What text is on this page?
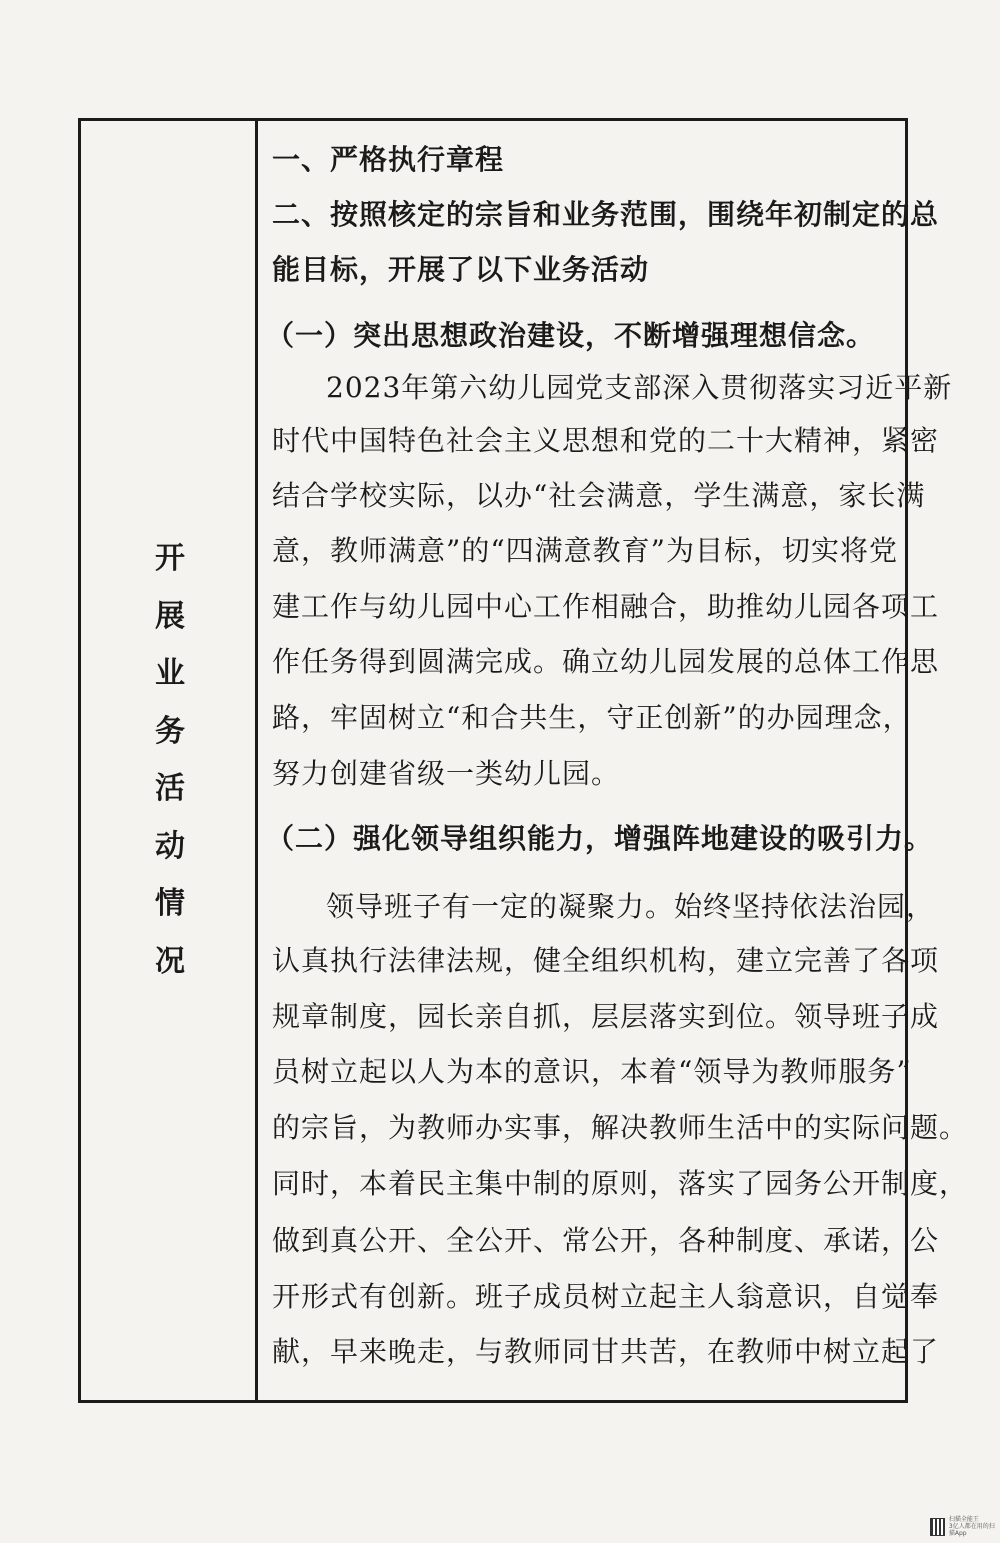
开
展
业
务
活
动
情
况
一、严格执行章程
二、按照核定的宗旨和业务范围，围绕年初制定的总
能目标，开展了以下业务活动
（一）突出思想政治建设，不断增强理想信念。
2023年第六幼儿园党支部深入贯彻落实习近平新
时代中国特色社会主义思想和党的二十大精神，紧密
结合学校实际，以办“社会满意，学生满意，家长满
意，教师满意”的“四满意教育”为目标，切实将党
建工作与幼儿园中心工作相融合，助推幼儿园各项工
作任务得到圆满完成。确立幼儿园发展的总体工作思
路，牢固树立“和合共生，守正创新”的办园理念，
努力创建省级一类幼儿园。
（二）强化领导组织能力，增强阵地建设的吸引力。
领导班子有一定的凝聚力。始终坚持依法治园，
认真执行法律法规，健全组织机构，建立完善了各项
规章制度，园长亲自抓，层层落实到位。领导班子成
员树立起以人为本的意识，本着“领导为教师服务”
的宗旨，为教师办实事，解决教师生活中的实际问题。
同时，本着民主集中制的原则，落实了园务公开制度，
做到真公开、全公开、常公开，各种制度、承诺，公
开形式有创新。班子成员树立起主人翁意识，自觉奉
献，早来晚走，与教师同甘共苦，在教师中树立起了
扫描全能王
3亿人都在用的扫描App
